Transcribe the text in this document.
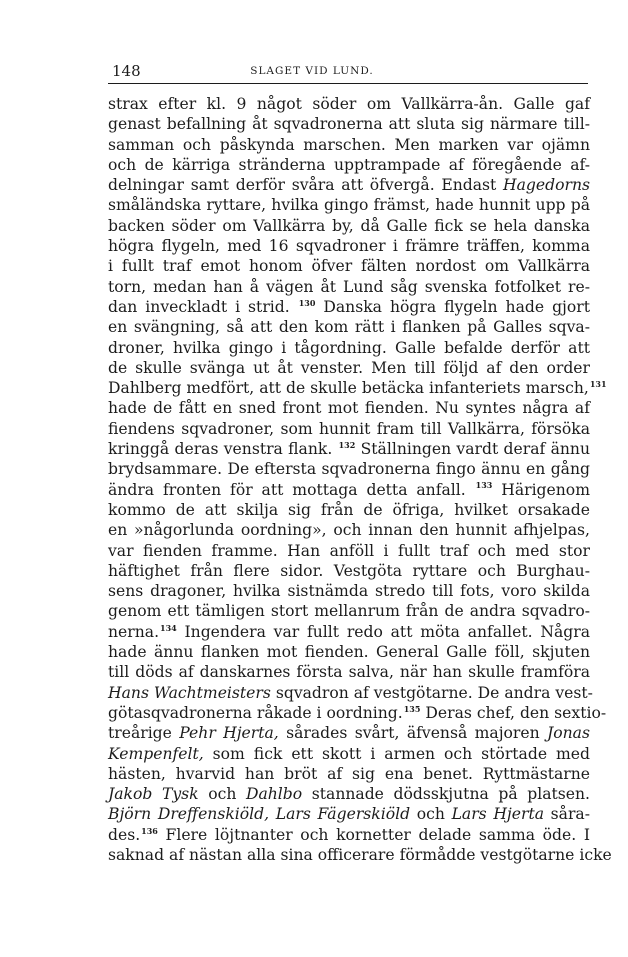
148	SLAGET VID LUND.
strax efter kl. 9 något söder om Vallkärra-ån. Galle gaf
genast befallning åt sqvadronerna att sluta sig närmare till-
samman och påskynda marschen. Men marken var ojämn
och de kärriga stränderna upptrampade af föregående af-
delningar samt derför svåra att öfvergå. Endast Hagedorns
småländska ryttare, hvilka gingo främst, hade hunnit upp på
backen söder om Vallkärra by, då Galle fick se hela danska
högra flygeln, med 16 sqvadroner i främre träffen, komma
i fullt traf emot honom öfver fälten nordost om Vallkärra
torn, medan han å vägen åt Lund såg svenska fotfolket re-
dan inveckladt i strid. $^{130}$ Danska högra flygeln hade gjort
en svängning, så att den kom rätt i flanken på Galles sqva-
droner, hvilka gingo i tågordning. Galle befalde derför att
de skulle svänga ut åt venster. Men till följd af den order
Dahlberg medfört, att de skulle betäcka infanteriets marsch,$^{131}$
hade de fått en sned front mot fienden. Nu syntes några af
fiendens sqvadroner, som hunnit fram till Vallkärra, försöka
kringgå deras venstra flank. $^{132}$ Ställningen vardt deraf ännu
brydsammare. De eftersta sqvadronerna fingo ännu en gång
ändra fronten för att mottaga detta anfall. $^{133}$ Härigenom
kommo de att skilja sig från de öfriga, hvilket orsakade
en »någorlunda oordning», och innan den hunnit afhjelpas,
var fienden framme. Han anföll i fullt traf och med stor
häftighet från flere sidor. Vestgöta ryttare och Burghau-
sens dragoner, hvilka sistnämda stredo till fots, voro skilda
genom ett tämligen stort mellanrum från de andra sqvadro-
nerna.$^{134}$ Ingendera var fullt redo att möta anfallet. Några
hade ännu flanken mot fienden. General Galle föll, skjuten
till döds af danskarnes första salva, när han skulle framföra
Hans Wachtmeisters sqvadron af vestgötarne. De andra vest-
götasqvadronerna råkade i oordning.$^{135}$ Deras chef, den sextio-
treårige Pehr Hjerta, sårades svårt, äfvenså majoren Jonas
Kempenfelt, som fick ett skott i armen och störtade med
hästen, hvarvid han bröt af sig ena benet. Ryttmästarne
Jakob Tysk och Dahlbo stannade dödsskjutna på platsen.
Björn Dreffenskiöld, Lars Fägerskiöld och Lars Hjerta såra-
des.$^{136}$ Flere löjtnanter och kornetter delade samma öde. I
saknad af nästan alla sina officerare förmådde vestgötarne icke
